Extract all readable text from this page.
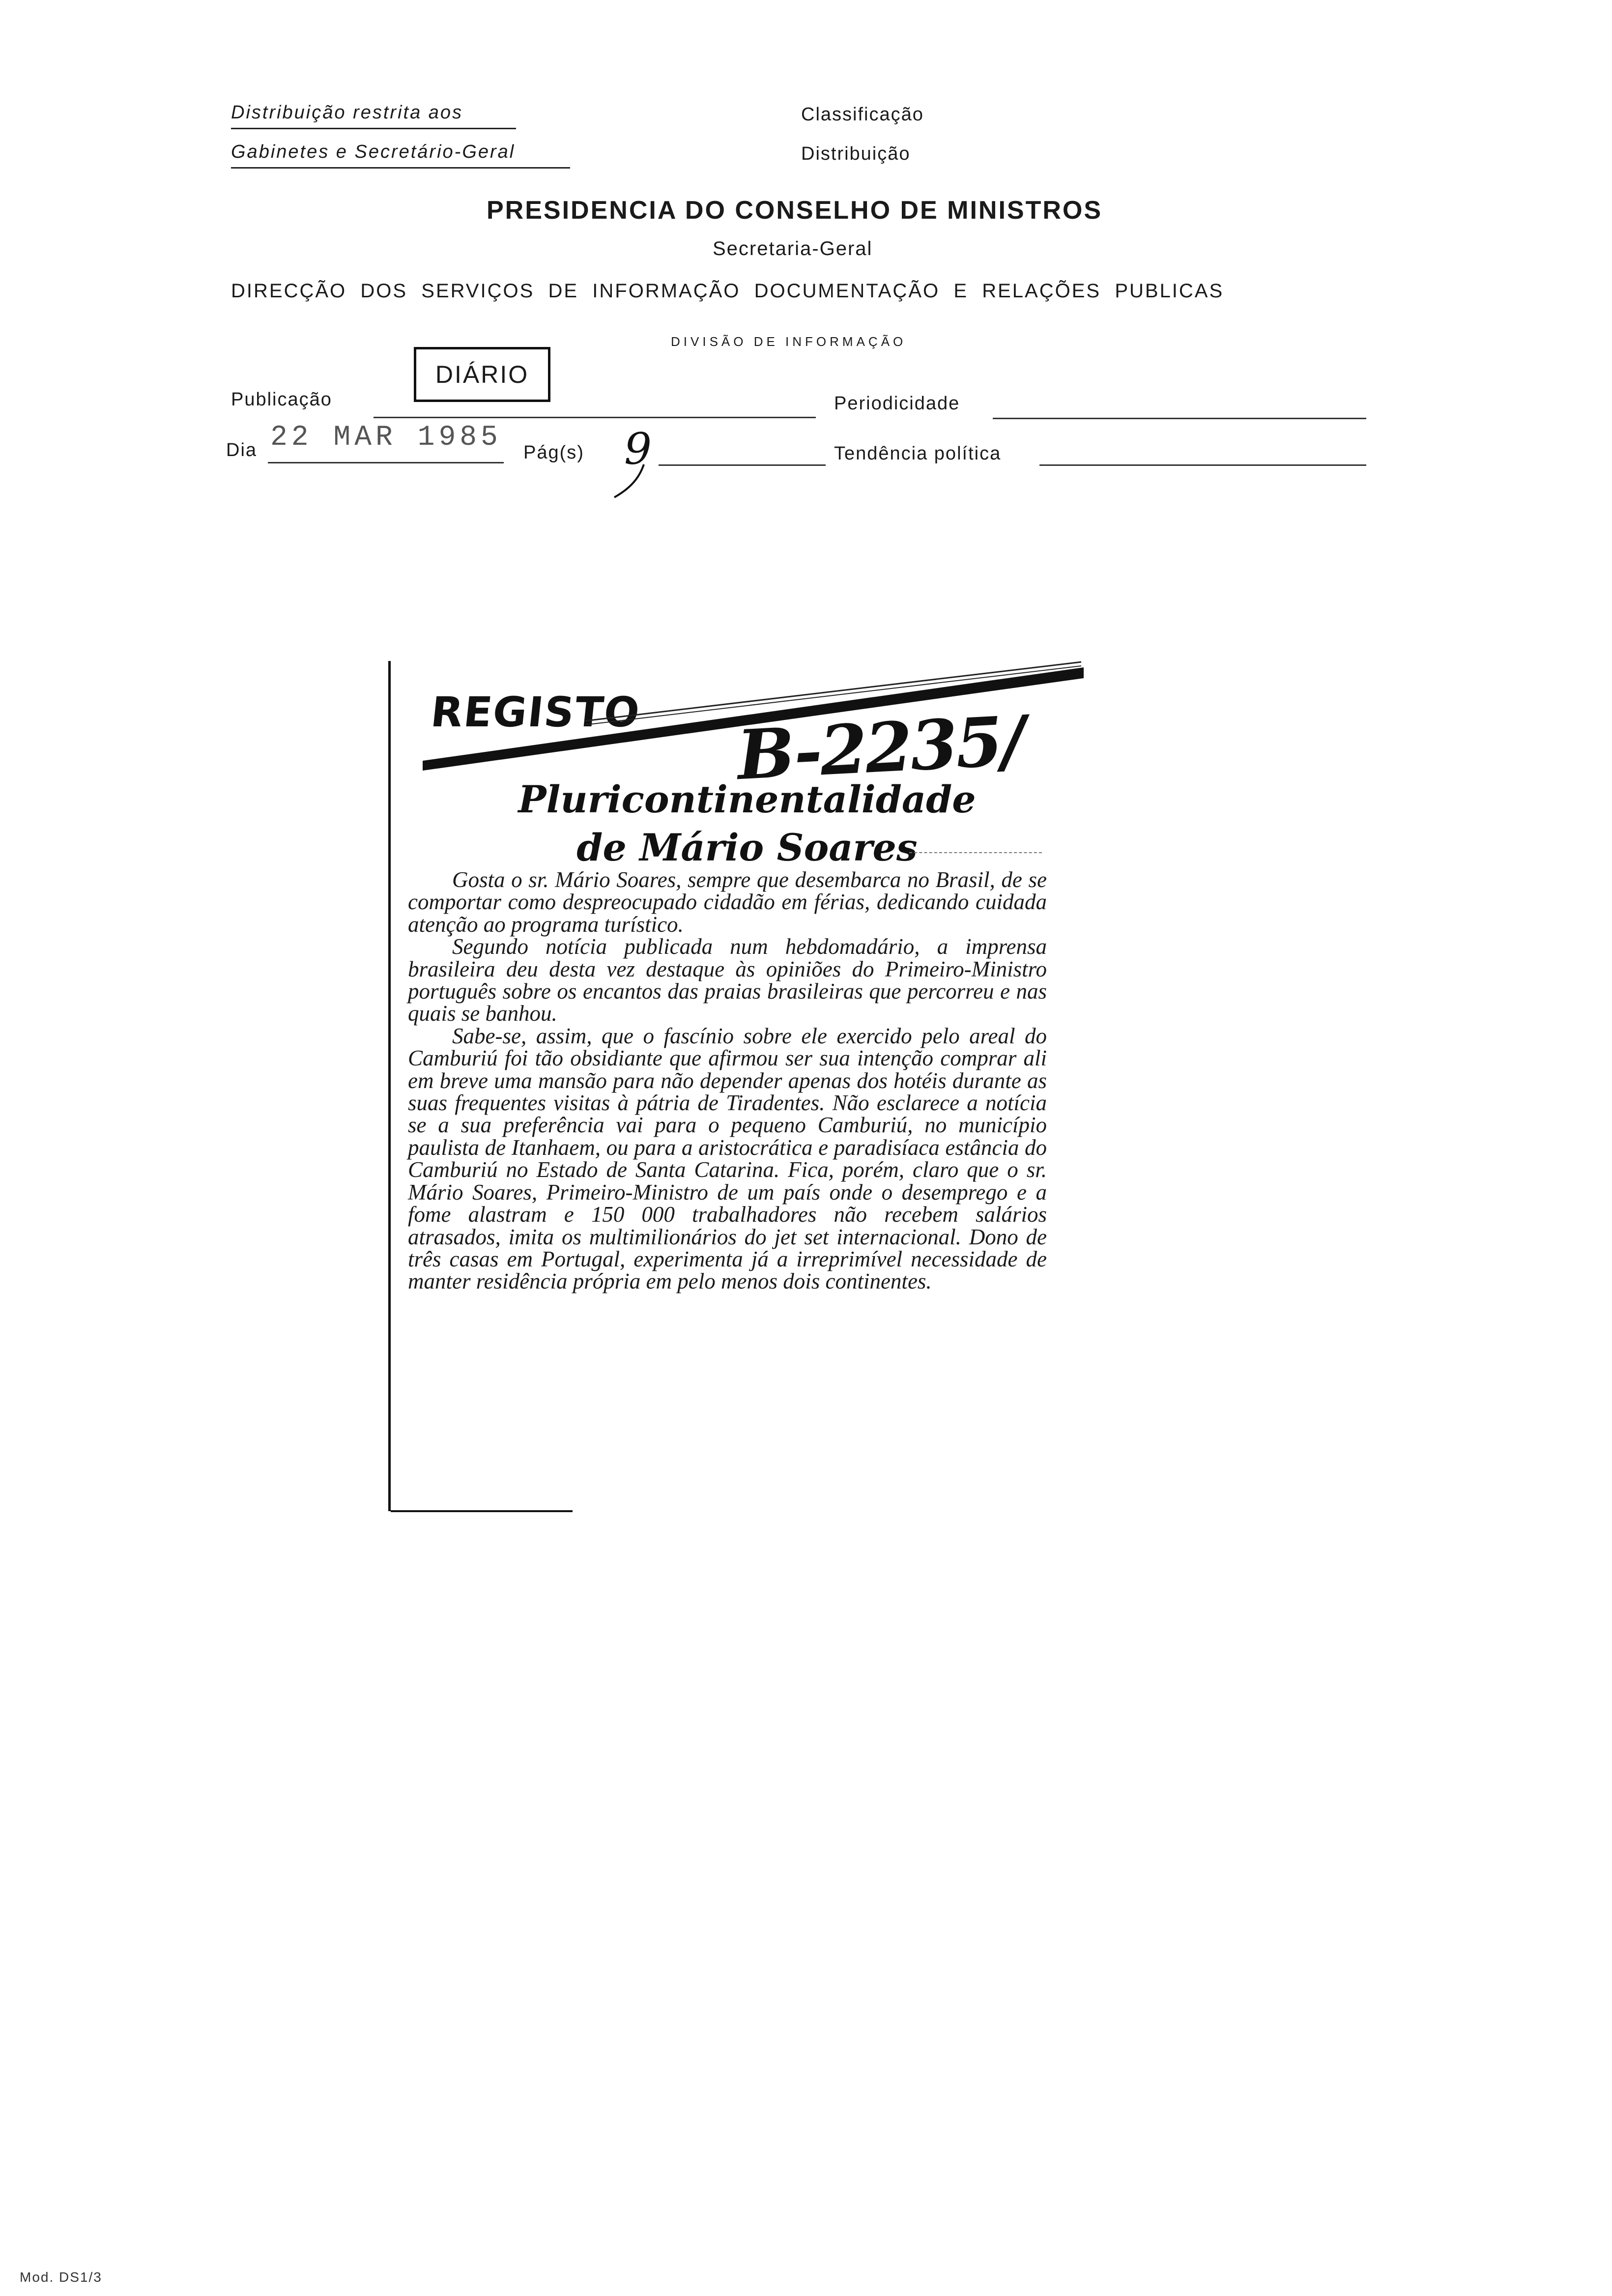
Distribuição restrita aos
Gabinetes e Secretário-Geral
Classificação
Distribuição
PRESIDENCIA DO CONSELHO DE MINISTROS
Secretaria-Geral
DIRECÇÃO  DOS  SERVIÇOS  DE  INFORMAÇÃO  DOCUMENTAÇÃO  E  RELAÇÕES  PUBLICAS
DIVISÃO DE INFORMAÇÃO
Publicação
DIÁRIO
Periodicidade
Dia 22 MAR 1985 Pág(s) 9	Tendência política
REGISTO B-2235/
Pluricontinentalidade
de Mário Soares

Gosta o sr. Mário Soares, sempre que desembarca no Brasil, de se comportar como despreocupado cidadão em férias, dedicando cuidada atenção ao programa turístico.

Segundo notícia publicada num hebdomadário, a imprensa brasileira deu desta vez destaque às opiniões do Primeiro-Ministro português sobre os encantos das praias brasileiras que percorreu e nas quais se banhou.

Sabe-se, assim, que o fascínio sobre ele exercido pelo areal do Camburiú foi tão obsidiante que afirmou ser sua intenção comprar ali em breve uma mansão para não depender apenas dos hotéis durante as suas frequentes visitas à pátria de Tiradentes. Não esclarece a notícia se a sua preferência vai para o pequeno Camburiú, no município paulista de Itanhaem, ou para a aristocrática e paradisíaca estância do Camburiú no Estado de Santa Catarina. Fica, porém, claro que o sr. Mário Soares, Primeiro-Ministro de um país onde o desemprego e a fome alastram e 150 000 trabalhadores não recebem salários atrasados, imita os multimilionários do jet set internacional. Dono de três casas em Portugal, experimenta já a irreprimível necessidade de manter residência própria em pelo menos dois continentes.

Mod. DS1/3
